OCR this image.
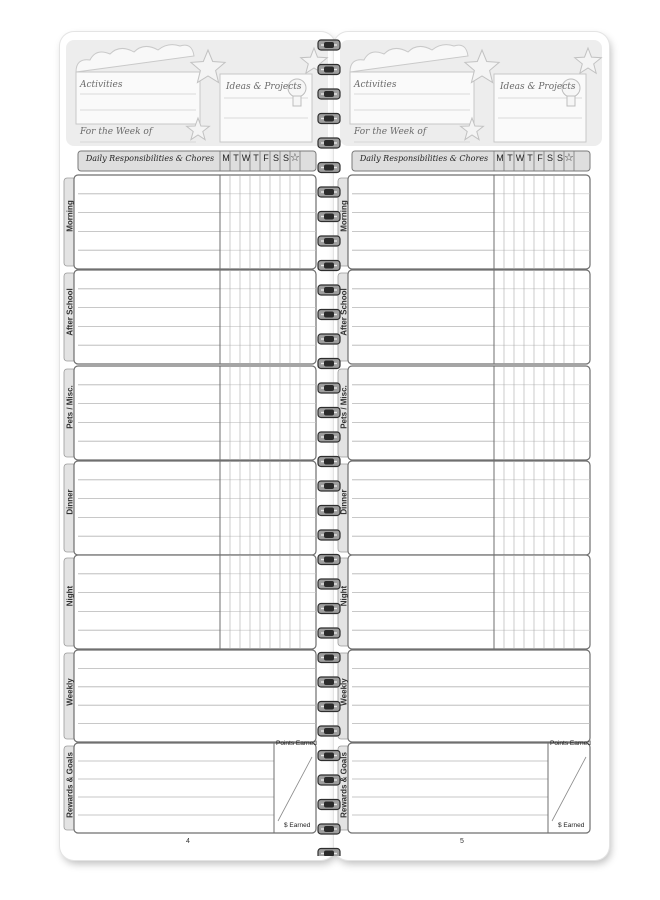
Activities	Ideas & Projects
For the Week of
Daily Responsibilities & Chores M T W T F S S ☆
Morning
After School
Pets / Misc.
Dinner
Night
Weekly
Rewards & Goals
Points Earned
$ Earned
4
Activities	Ideas & Projects
For the Week of
Daily Responsibilities & Chores M T W T F S S ☆
Morning
After School
Pets / Misc.
Dinner
Night
Weekly
Rewards & Goals
Points Earned
$ Earned
5
